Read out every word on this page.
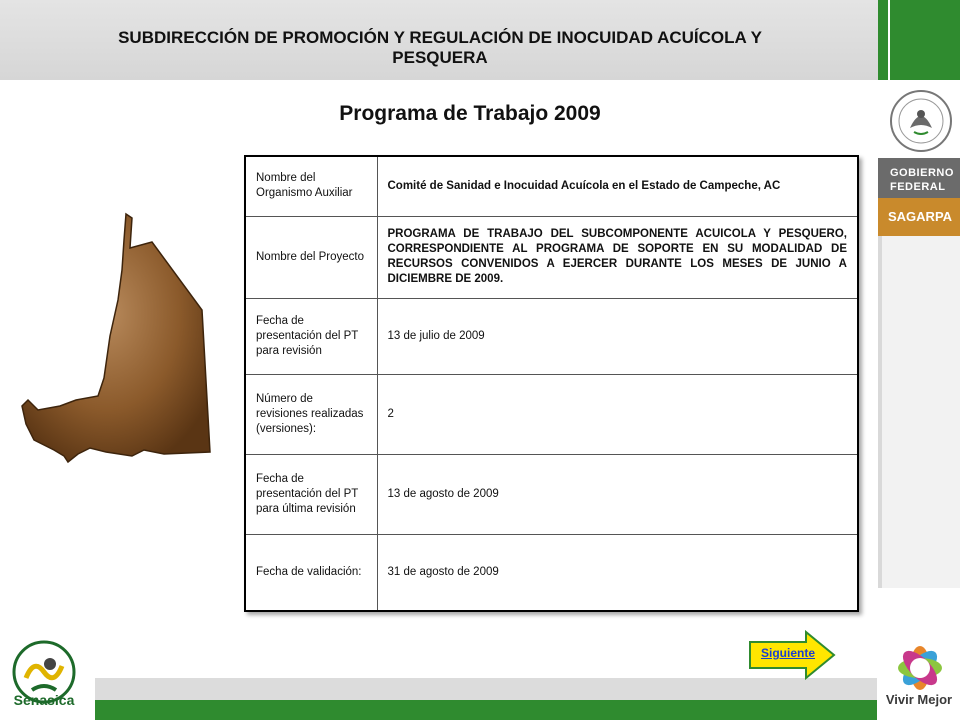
SUBDIRECCIÓN DE PROMOCIÓN Y REGULACIÓN DE INOCUIDAD ACUÍCOLA Y PESQUERA
GOBIERNO FEDERAL
SAGARPA
Programa de Trabajo 2009
Nombre del Organismo Auxiliar	Comité de Sanidad e Inocuidad Acuícola en el Estado de Campeche, AC
Nombre del Proyecto	PROGRAMA DE TRABAJO DEL SUBCOMPONENTE ACUICOLA Y PESQUERO, CORRESPONDIENTE AL PROGRAMA DE SOPORTE EN SU MODALIDAD DE RECURSOS CONVENIDOS A EJERCER DURANTE LOS MESES DE JUNIO A DICIEMBRE DE 2009.
Fecha de presentación del PT para revisión	13 de julio de 2009
Número de revisiones realizadas (versiones):	2
Fecha de presentación del PT para última revisión	13 de agosto de 2009
Fecha de validación:	31 de agosto de 2009
Siguiente
Senasica	Vivir Mejor
